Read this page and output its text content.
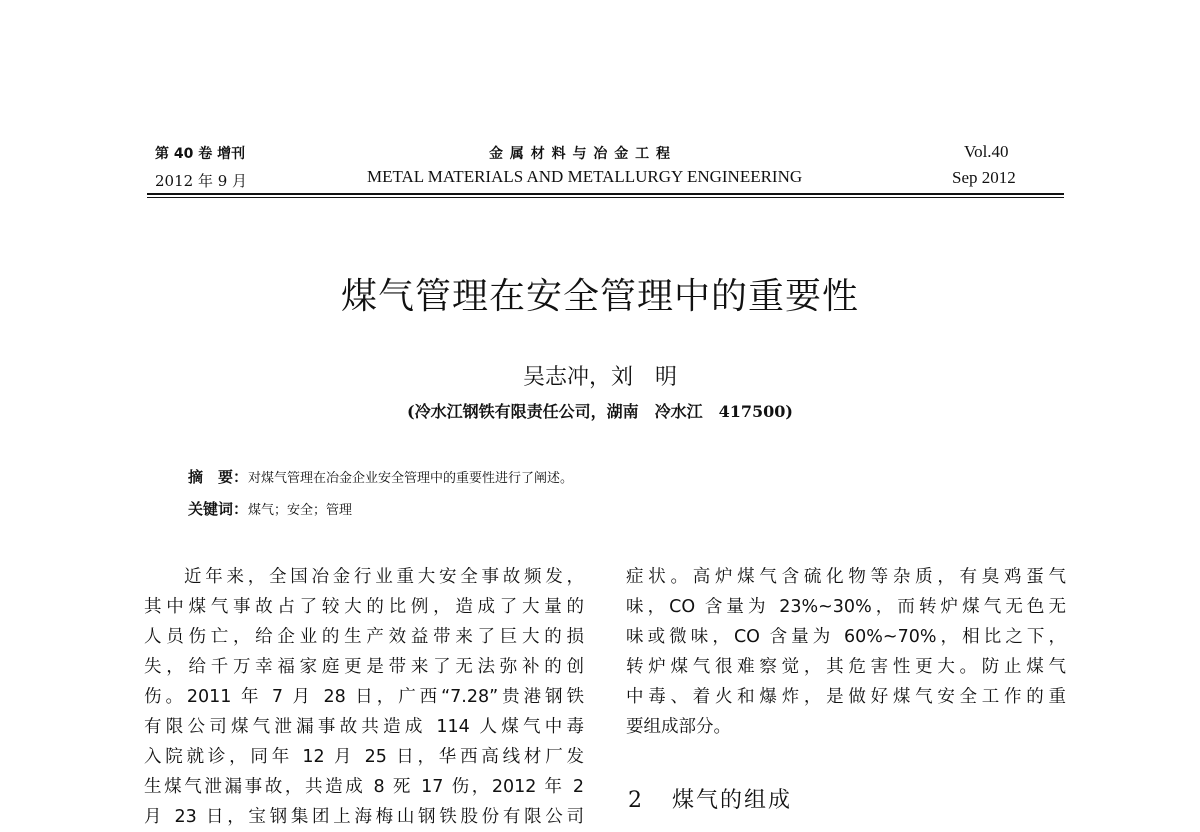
第 40 卷 增刊
2012 年 9 月
金 属 材 料 与 冶 金 工 程
METAL MATERIALS AND METALLURGY ENGINEERING
Vol.40
Sep 2012
煤气管理在安全管理中的重要性
吴志冲，刘　明
(冷水江钢铁有限责任公司，湖南　冷水江　417500)
摘　要：对煤气管理在冶金企业安全管理中的重要性进行了阐述。
关键词：煤气；安全；管理
近年来，全国冶金行业重大安全事故频发，
其中煤气事故占了较大的比例，造成了大量的
人员伤亡，给企业的生产效益带来了巨大的损
失，给千万幸福家庭更是带来了无法弥补的创
伤。2011 年 7 月 28 日，广西“7.28”贵港钢铁
有限公司煤气泄漏事故共造成 114 人煤气中毒
入院就诊，同年 12 月 25 日，华西高线材厂发
生煤气泄漏事故，共造成 8 死 17 伤，2012 年 2
月 23 日，宝钢集团上海梅山钢铁股份有限公司
症状。高炉煤气含硫化物等杂质，有臭鸡蛋气
味，CO 含量为 23%~30%，而转炉煤气无色无
味或微味，CO 含量为 60%~70%，相比之下，
转炉煤气很难察觉，其危害性更大。防止煤气
中毒、着火和爆炸，是做好煤气安全工作的重
要组成部分。
2 煤气的组成
